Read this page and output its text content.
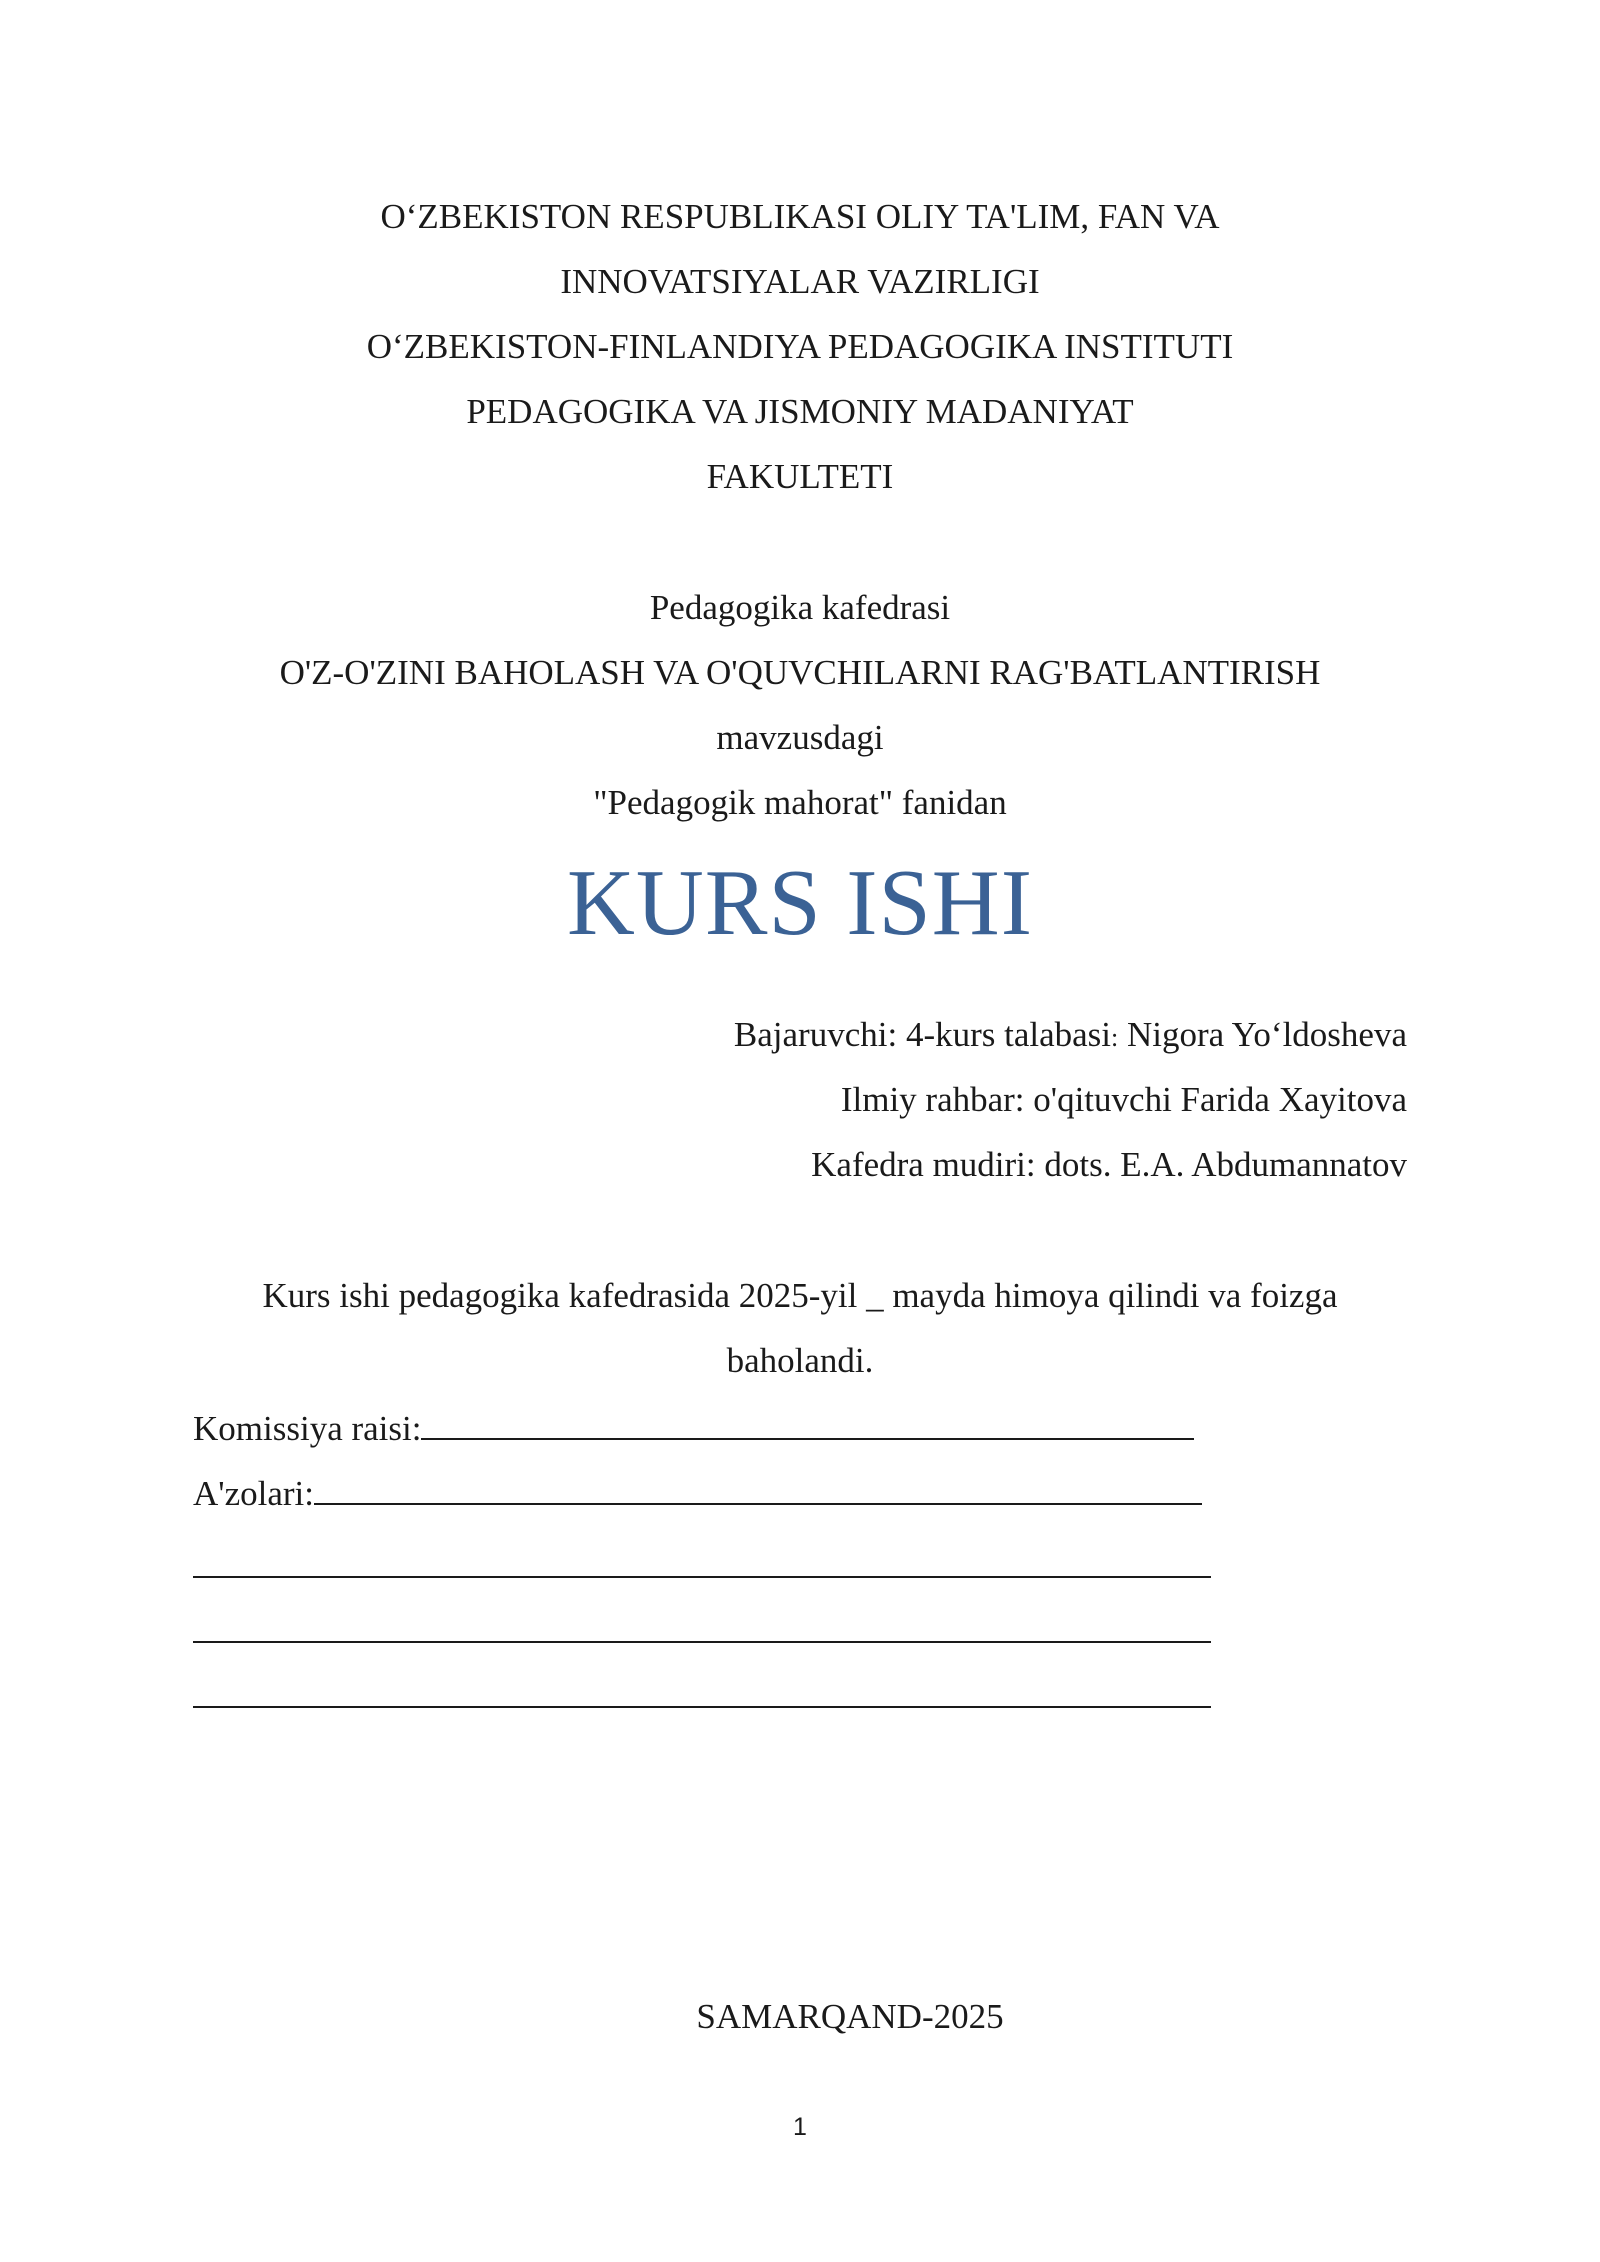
O‘ZBEKISTON RESPUBLIKASI OLIY TA'LIM, FAN VA
INNOVATSIYALAR VAZIRLIGI
O‘ZBEKISTON-FINLANDIYA PEDAGOGIKA INSTITUTI
PEDAGOGIKA VA JISMONIY MADANIYAT
FAKULTETI
Pedagogika kafedrasi
O'Z-O'ZINI BAHOLASH VA O'QUVCHILARNI RAG'BATLANTIRISH
mavzusdagi
"Pedagogik mahorat" fanidan
KURS ISHI
Bajaruvchi: 4-kurs talabasi: Nigora Yo‘ldosheva
Ilmiy rahbar: o'qituvchi Farida Xayitova
Kafedra mudiri: dots. E.A. Abdumannatov
Kurs ishi pedagogika kafedrasida 2025-yil _ mayda himoya qilindi va foizga
baholandi.
Komissiya raisi:
A'zolari:
SAMARQAND-2025
1
